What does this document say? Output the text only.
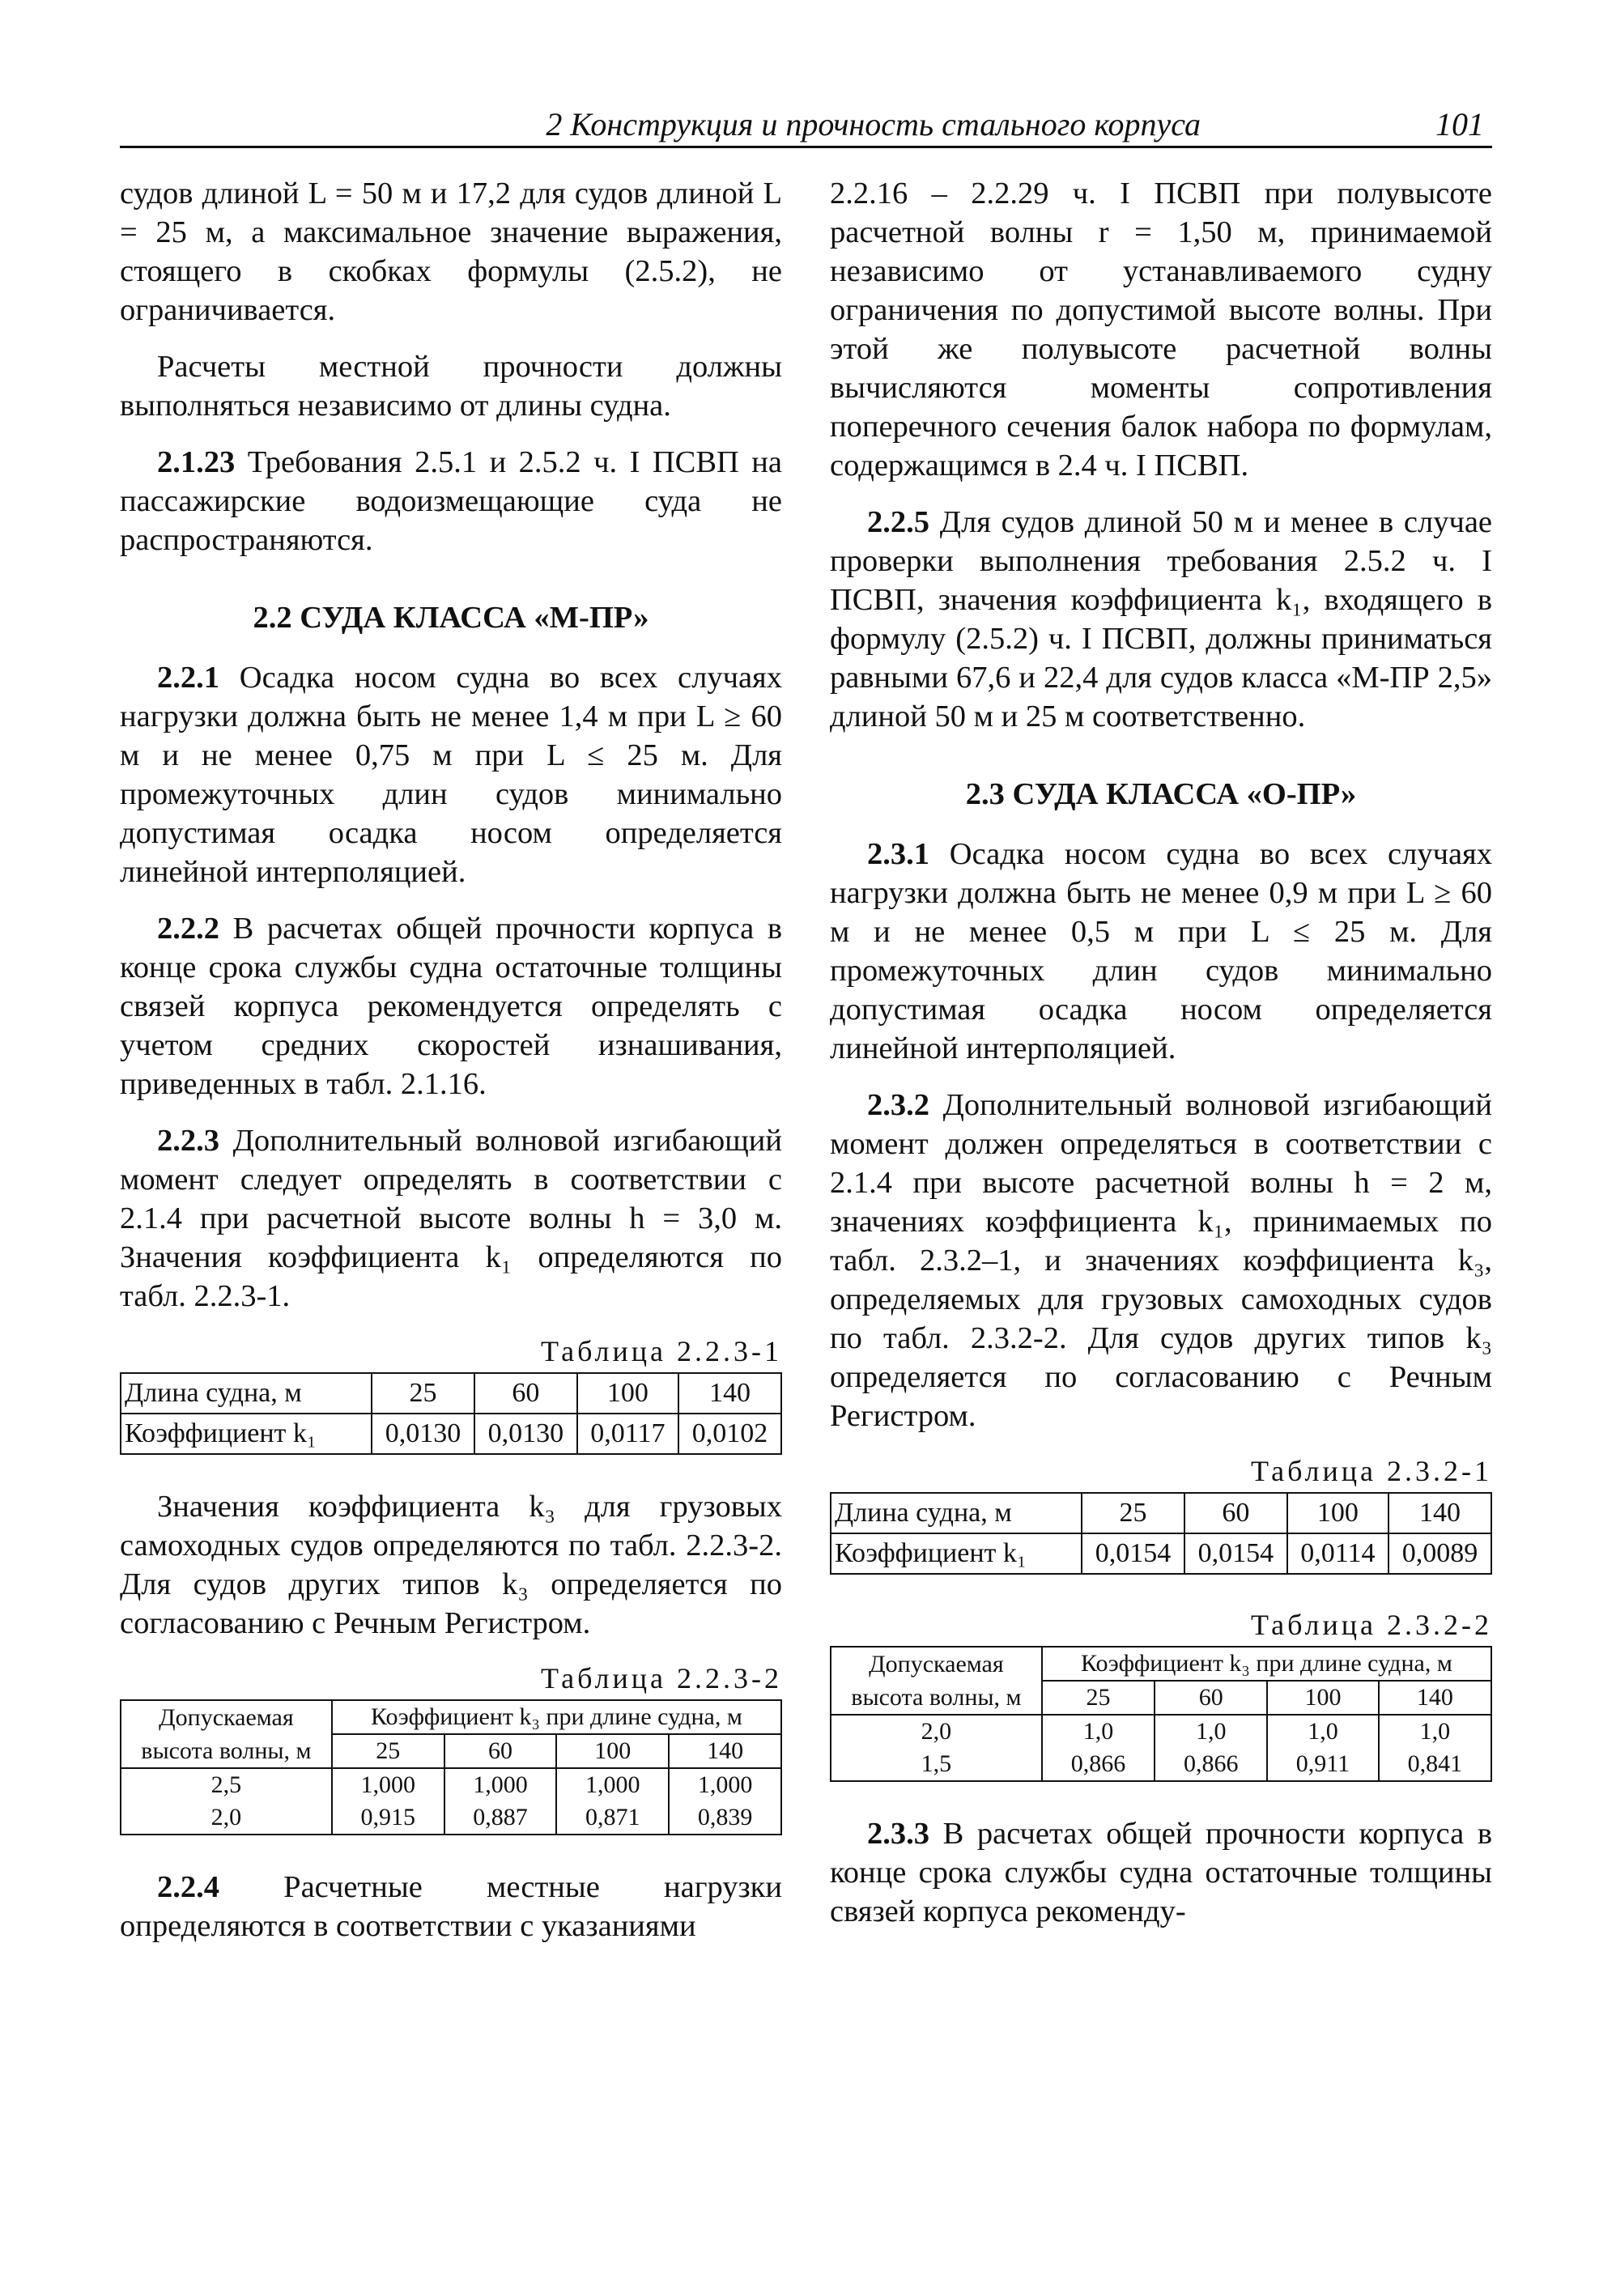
2 Конструкция и прочность стального корпуса	101

судов длиной L = 50 м и 17,2 для судов длиной L = 25 м, а максимальное значение выражения, стоящего в скобках формулы (2.5.2), не ограничивается.

Расчеты местной прочности должны выполняться независимо от длины судна.

2.1.23 Требования 2.5.1 и 2.5.2 ч. I ПСВП на пассажирские водоизмещающие суда не распространяются.

2.2 СУДА КЛАССА «М-ПР»

2.2.1 Осадка носом судна во всех случаях нагрузки должна быть не менее 1,4 м при L ≥ 60 м и не менее 0,75 м при L ≤ 25 м. Для промежуточных длин судов минимально допустимая осадка носом определяется линейной интерполяцией.

2.2.2 В расчетах общей прочности корпуса в конце срока службы судна остаточные толщины связей корпуса рекомендуется определять с учетом средних скоростей изнашивания, приведенных в табл. 2.1.16.

2.2.3 Дополнительный волновой изгибающий момент следует определять в соответствии с 2.1.4 при расчетной высоте волны h = 3,0 м. Значения коэффициента k₁ определяются по табл. 2.2.3-1.

Таблица 2.2.3-1
Длина судна, м	25	60	100	140
Коэффициент k₁	0,0130	0,0130	0,0117	0,0102

Значения коэффициента k₃ для грузовых самоходных судов определяются по табл. 2.2.3-2. Для судов других типов k₃ определяется по согласованию с Речным Регистром.

Таблица 2.2.3-2
Допускаемая	Коэффициент k₃ при длине судна, м			
высота волны, м	25	60	100	140
2,5	1,000	1,000	1,000	1,000
2,0	0,915	0,887	0,871	0,839

2.2.4 Расчетные местные нагрузки определяются в соответствии с указаниями

2.2.16 – 2.2.29 ч. I ПСВП при полувысоте расчетной волны r = 1,50 м, принимаемой независимо от устанавливаемого судну ограничения по допустимой высоте волны. При этой же полувысоте расчетной волны вычисляются моменты сопротивления поперечного сечения балок набора по формулам, содержащимся в 2.4 ч. I ПСВП.

2.2.5 Для судов длиной 50 м и менее в случае проверки выполнения требования 2.5.2 ч. I ПСВП, значения коэффициента k₁, входящего в формулу (2.5.2) ч. I ПСВП, должны приниматься равными 67,6 и 22,4 для судов класса «М-ПР 2,5» длиной 50 м и 25 м соответственно.

2.3 СУДА КЛАССА «О-ПР»

2.3.1 Осадка носом судна во всех случаях нагрузки должна быть не менее 0,9 м при L ≥ 60 м и не менее 0,5 м при L ≤ 25 м. Для промежуточных длин судов минимально допустимая осадка носом определяется линейной интерполяцией.

2.3.2 Дополнительный волновой изгибающий момент должен определяться в соответствии с 2.1.4 при высоте расчетной волны h = 2 м, значениях коэффициента k₁, принимаемых по табл. 2.3.2–1, и значениях коэффициента k₃, определяемых для грузовых самоходных судов по табл. 2.3.2-2. Для судов других типов k₃ определяется по согласованию с Речным Регистром.

Таблица 2.3.2-1
Длина судна, м	25	60	100	140
Коэффициент k₁	0,0154	0,0154	0,0114	0,0089
Таблица 2.3.2-2
Допускаемая	Коэффициент k₃ при длине судна, м			
высота волны, м	25	60	100	140
2,0	1,0	1,0	1,0	1,0
1,5	0,866	0,866	0,911	0,841

2.3.3 В расчетах общей прочности корпуса в конце срока службы судна остаточные толщины связей корпуса рекоменду-
